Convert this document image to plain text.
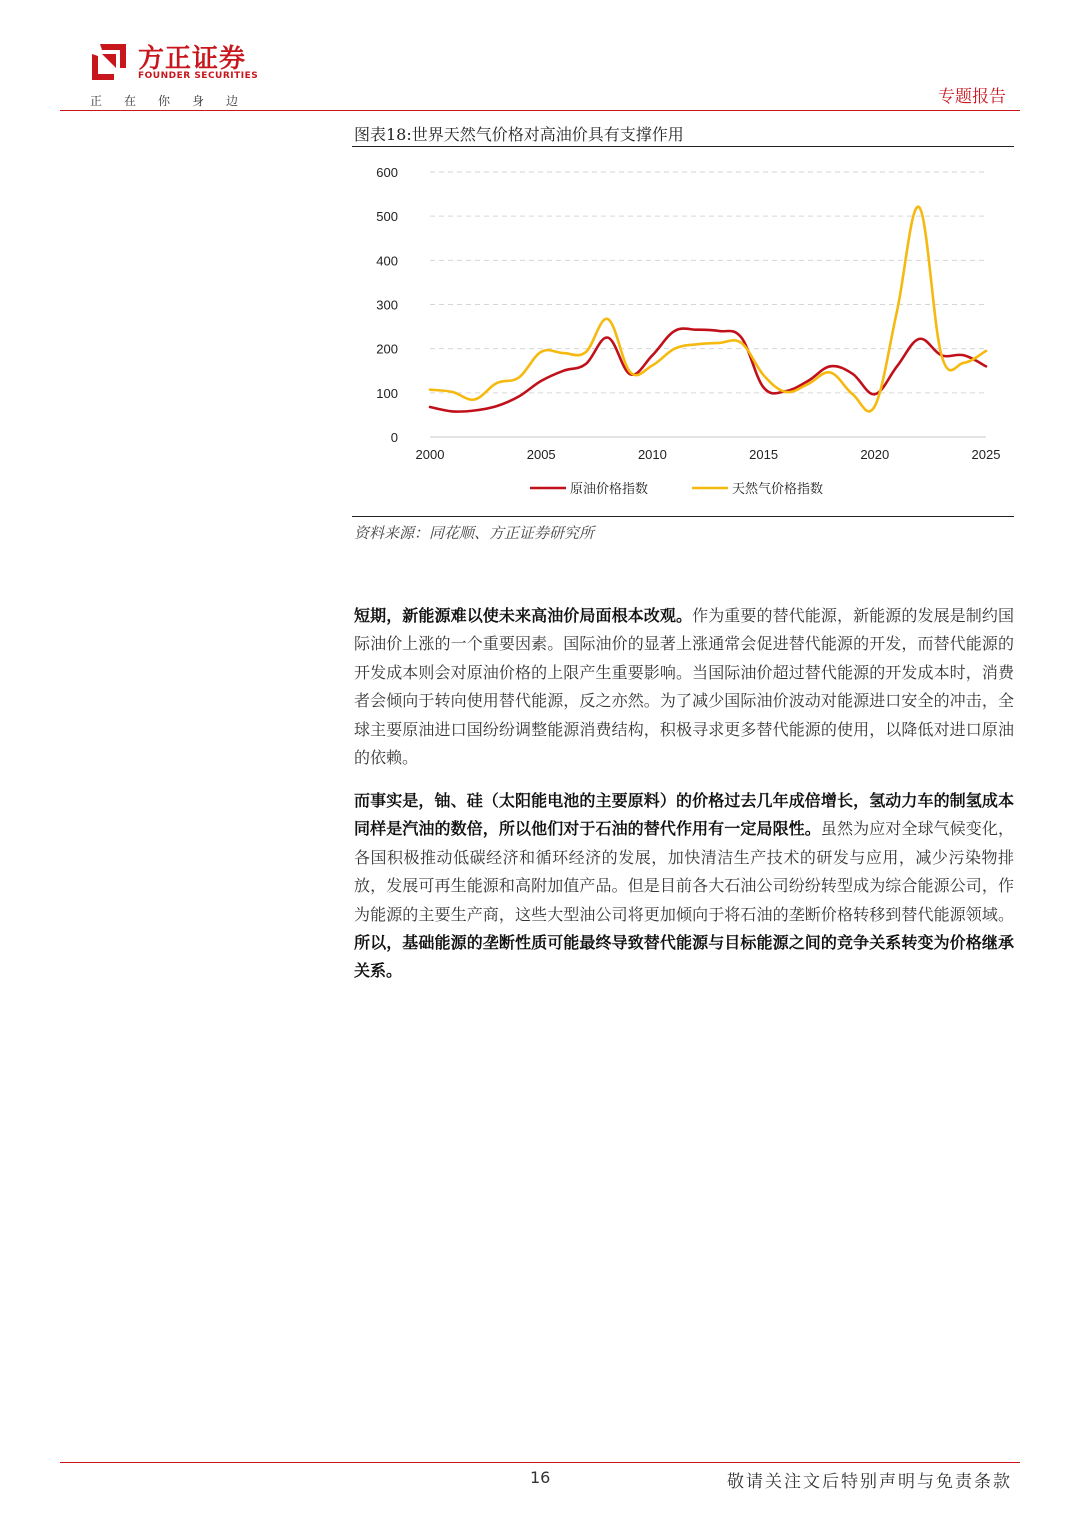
方正证券
FOUNDER SECURITIES
正在你身边	专题报告
图表18:世界天然气价格对高油价具有支撑作用
0
100
200
300
400
500
600
2000	2005	2010	2015	2020	2025
原油价格指数	天然气价格指数
资料来源：同花顺、方正证券研究所

短期，新能源难以使未来高油价局面根本改观。作为重要的替代能源，新能源的发展是制约国际油价上涨的一个重要因素。国际油价的显著上涨通常会促进替代能源的开发，而替代能源的开发成本则会对原油价格的上限产生重要影响。当国际油价超过替代能源的开发成本时，消费者会倾向于转向使用替代能源，反之亦然。为了减少国际油价波动对能源进口安全的冲击，全球主要原油进口国纷纷调整能源消费结构，积极寻求更多替代能源的使用，以降低对进口原油的依赖。

而事实是，铀、硅（太阳能电池的主要原料）的价格过去几年成倍增长，氢动力车的制氢成本同样是汽油的数倍，所以他们对于石油的替代作用有一定局限性。虽然为应对全球气候变化，各国积极推动低碳经济和循环经济的发展，加快清洁生产技术的研发与应用，减少污染物排放，发展可再生能源和高附加值产品。但是目前各大石油公司纷纷转型成为综合能源公司，作为能源的主要生产商，这些大型油公司将更加倾向于将石油的垄断价格转移到替代能源领域。所以，基础能源的垄断性质可能最终导致替代能源与目标能源之间的竞争关系转变为价格继承关系。

16	敬请关注文后特别声明与免责条款
